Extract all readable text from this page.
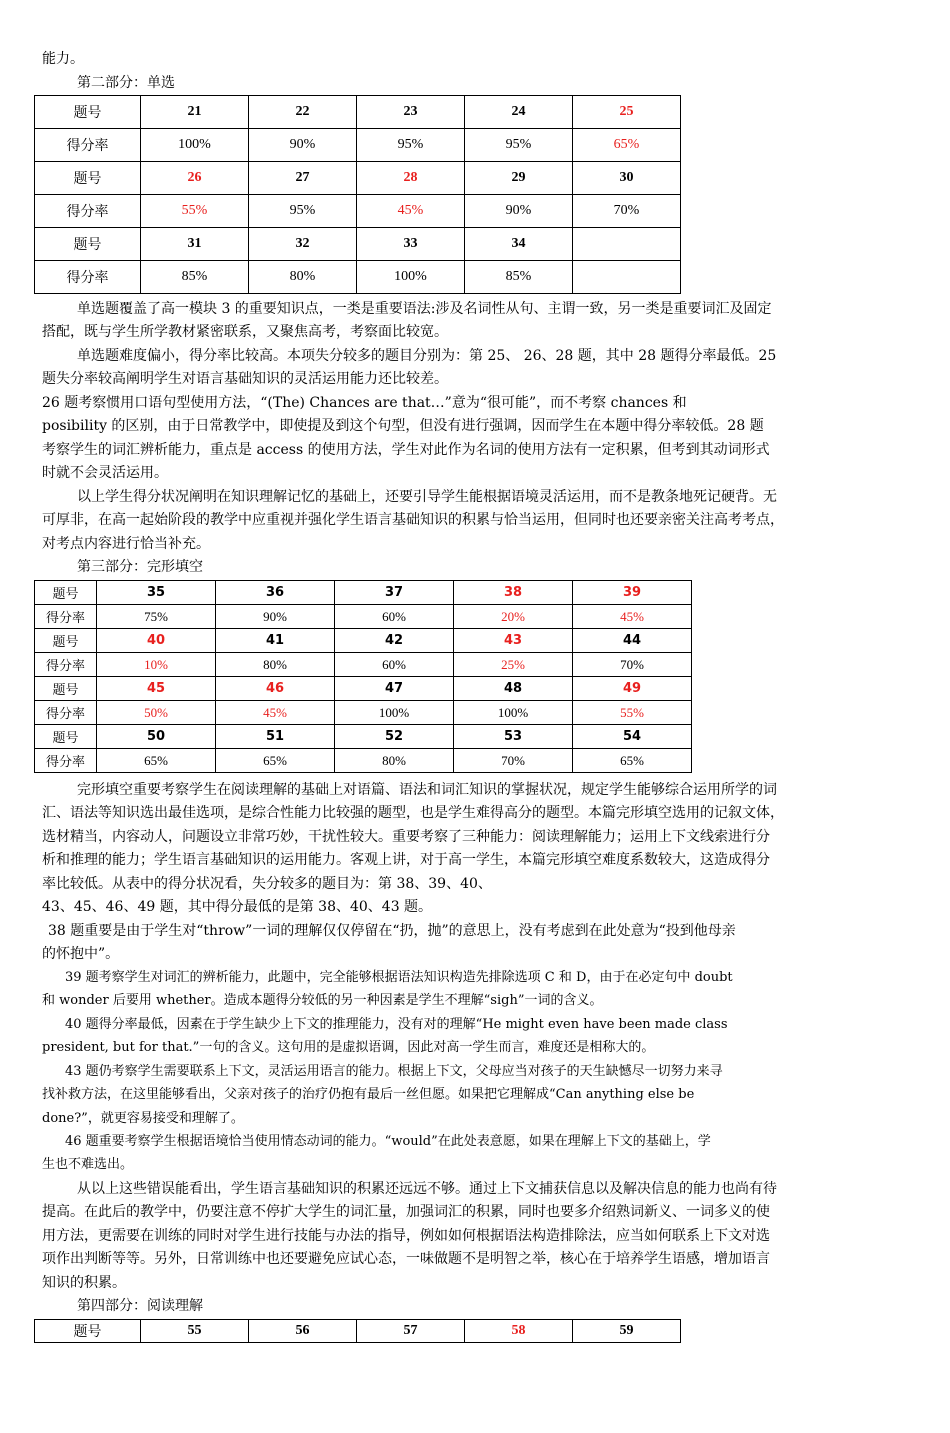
能力。
第二部分：单选
题号	21	22	23	24	25
得分率	100%	90%	95%	95%	65%
题号	26	27	28	29	30
得分率	55%	95%	45%	90%	70%
题号	31	32	33	34	
得分率	85%	80%	100%	85%	
单选题覆盖了高一模块 3 的重要知识点，一类是重要语法:涉及名词性从句、主谓一致，另一类是重要词汇及固定
搭配，既与学生所学教材紧密联系，又聚焦高考，考察面比较宽。
单选题难度偏小，得分率比较高。本项失分较多的题目分别为：第 25、 26、28 题，其中 28 题得分率最低。25
题失分率较高阐明学生对语言基础知识的灵活运用能力还比较差。
26 题考察惯用口语句型使用方法，“(The) Chances are that…”意为“很可能”，而不考察 chances 和
posibility 的区别，由于日常教学中，即使提及到这个句型，但没有进行强调，因而学生在本题中得分率较低。28 题
考察学生的词汇辨析能力，重点是 access 的使用方法，学生对此作为名词的使用方法有一定积累，但考到其动词形式
时就不会灵活运用。
以上学生得分状况阐明在知识理解记忆的基础上，还要引导学生能根据语境灵活运用，而不是教条地死记硬背。无
可厚非，在高一起始阶段的教学中应重视并强化学生语言基础知识的积累与恰当运用，但同时也还要亲密关注高考考点，
对考点内容进行恰当补充。
第三部分：完形填空
题号	35	36	37	38	39
得分率	75%	90%	60%	20%	45%
题号	40	41	42	43	44
得分率	10%	80%	60%	25%	70%
题号	45	46	47	48	49
得分率	50%	45%	100%	100%	55%
题号	50	51	52	53	54
得分率	65%	65%	80%	70%	65%
完形填空重要考察学生在阅读理解的基础上对语篇、语法和词汇知识的掌握状况，规定学生能够综合运用所学的词
汇、语法等知识选出最佳选项，是综合性能力比较强的题型，也是学生难得高分的题型。本篇完形填空选用的记叙文体，
选材精当，内容动人，问题设立非常巧妙，干扰性较大。重要考察了三种能力：阅读理解能力；运用上下文线索进行分
析和推理的能力；学生语言基础知识的运用能力。客观上讲，对于高一学生，本篇完形填空难度系数较大，这造成得分
率比较低。从表中的得分状况看，失分较多的题目为：第 38、39、40、
43、45、46、49 题，其中得分最低的是第 38、40、43 题。
38 题重要是由于学生对“throw”一词的理解仅仅停留在“扔，抛”的意思上，没有考虑到在此处意为“投到他母亲
的怀抱中”。
39 题考察学生对词汇的辨析能力，此题中，完全能够根据语法知识构造先排除选项 C 和 D，由于在必定句中 doubt
和 wonder 后要用 whether。造成本题得分较低的另一种因素是学生不理解“sigh”一词的含义。
40 题得分率最低，因素在于学生缺少上下文的推理能力，没有对的理解“He might even have been made class
president, but for that.”一句的含义。这句用的是虚拟语调，因此对高一学生而言，难度还是相称大的。
43 题仍考察学生需要联系上下文，灵活运用语言的能力。根据上下文，父母应当对孩子的天生缺憾尽一切努力来寻
找补救方法，在这里能够看出，父亲对孩子的治疗仍抱有最后一丝但愿。如果把它理解成“Can anything else be
done?”，就更容易接受和理解了。
46 题重要考察学生根据语境恰当使用情态动词的能力。“would”在此处表意愿，如果在理解上下文的基础上，学
生也不难选出。
从以上这些错误能看出，学生语言基础知识的积累还远远不够。通过上下文捕获信息以及解决信息的能力也尚有待
提高。在此后的教学中，仍要注意不停扩大学生的词汇量，加强词汇的积累，同时也要多介绍熟词新义、一词多义的使
用方法，更需要在训练的同时对学生进行技能与办法的指导，例如如何根据语法构造排除法，应当如何联系上下文对选
项作出判断等等。另外，日常训练中也还要避免应试心态，一味做题不是明智之举，核心在于培养学生语感，增加语言
知识的积累。
第四部分：阅读理解
题号	55	56	57	58	59
